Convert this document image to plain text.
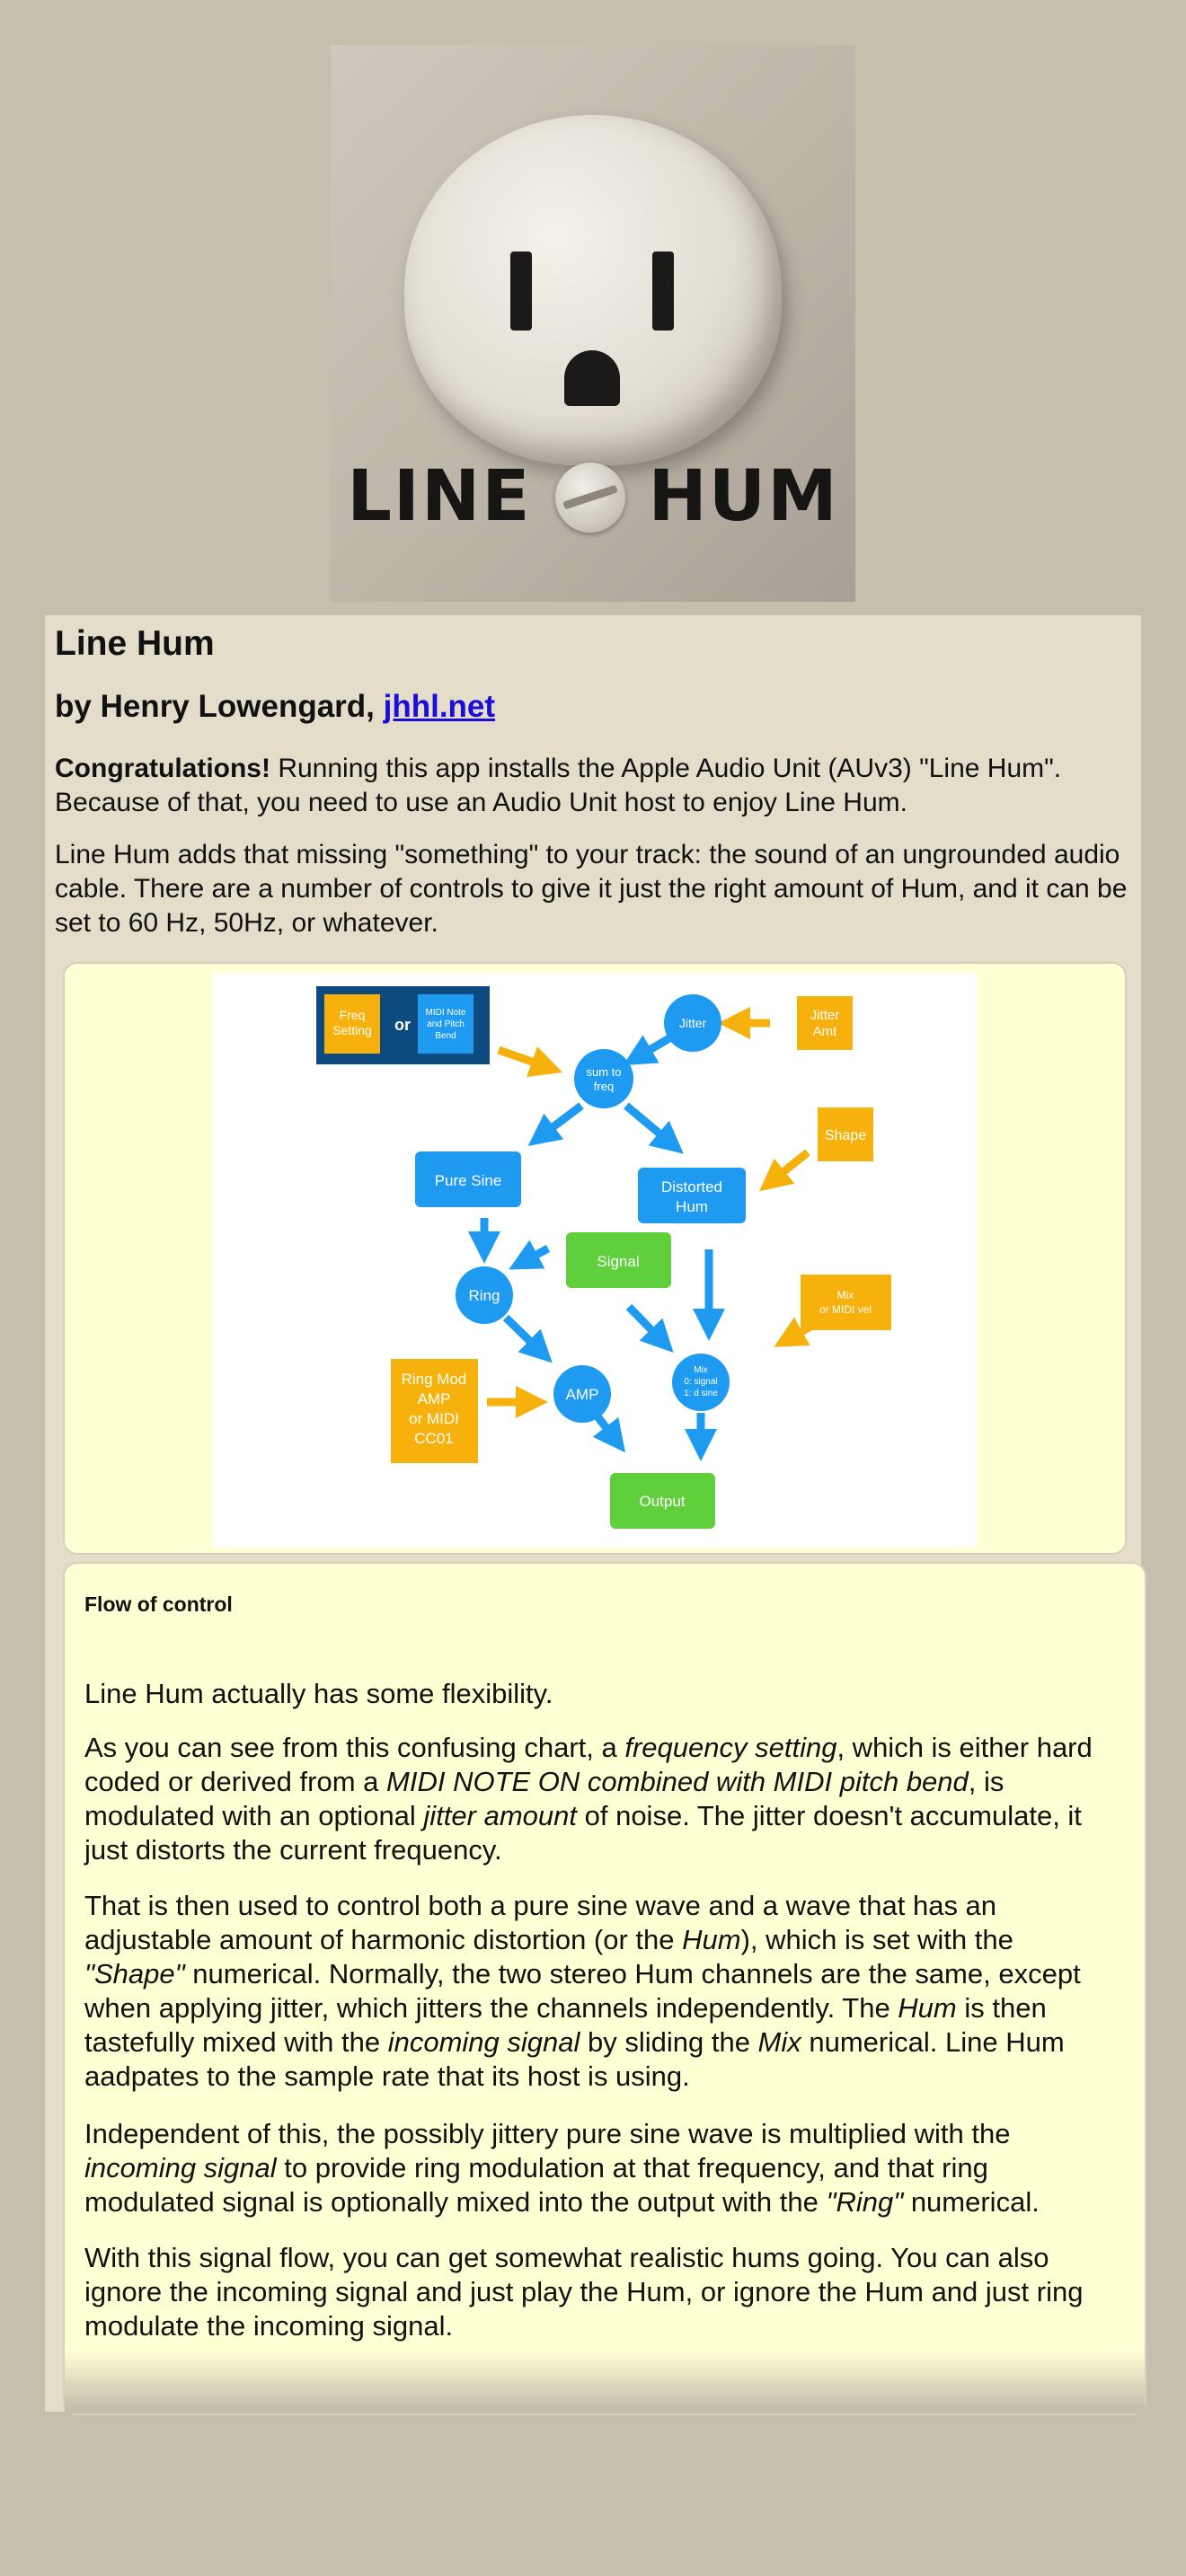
LINE HUM
Line Hum
by Henry Lowengard, jhhl.net

Congratulations! Running this app installs the Apple Audio Unit (AUv3) "Line Hum". Because of that, you need to use an Audio Unit host to enjoy Line Hum.

Line Hum adds that missing "something" to your track: the sound of an ungrounded audio cable. There are a number of controls to give it just the right amount of Hum, and it can be set to 60 Hz, 50Hz, or whatever.

Freq
Setting or
MIDI Note
and Pitch
Bend
Jitter	Jitter
Amt
sum to
freq
Shape
Pure Sine	Distorted
Hum
Signal
Mix
or MIDI vel
Ring
Ring Mod
AMP
or MIDI
CC01
AMP
Mix
0: signal
1: d sine
Output
Flow of control

Line Hum actually has some flexibility.

As you can see from this confusing chart, a frequency setting, which is either hard coded or derived from a MIDI NOTE ON combined with MIDI pitch bend, is modulated with an optional jitter amount of noise. The jitter doesn't accumulate, it just distorts the current frequency.

That is then used to control both a pure sine wave and a wave that has an adjustable amount of harmonic distortion (or the Hum), which is set with the "Shape" numerical. Normally, the two stereo Hum channels are the same, except when applying jitter, which jitters the channels independently. The Hum is then tastefully mixed with the incoming signal by sliding the Mix numerical. Line Hum aadpates to the sample rate that its host is using.

Independent of this, the possibly jittery pure sine wave is multiplied with the incoming signal to provide ring modulation at that frequency, and that ring modulated signal is optionally mixed into the output with the "Ring" numerical.

With this signal flow, you can get somewhat realistic hums going. You can also ignore the incoming signal and just play the Hum, or ignore the Hum and just ring modulate the incoming signal.
